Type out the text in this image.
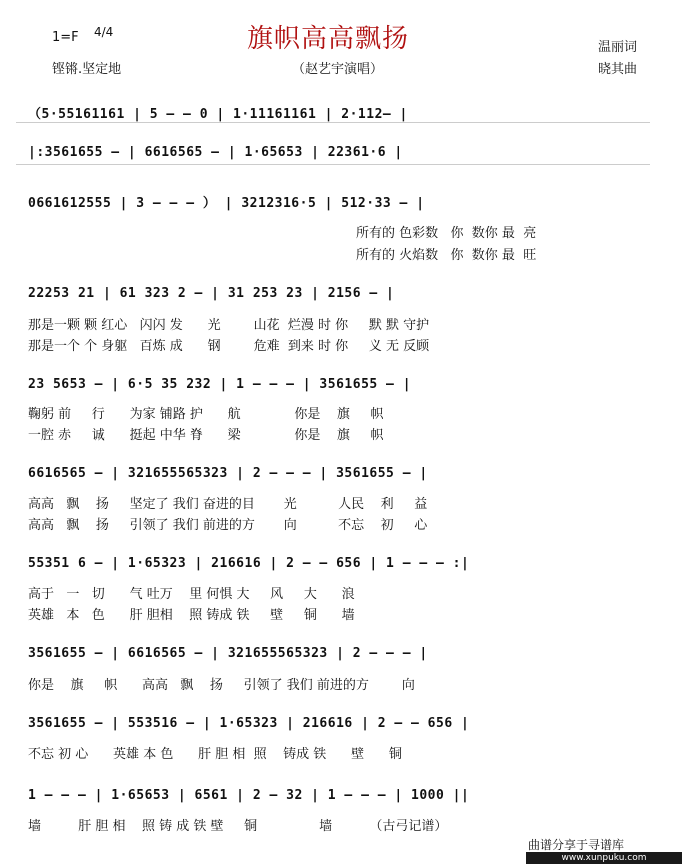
1=F 4/4	旗帜高高飘扬	温丽词
铿锵.坚定地	（赵艺宇演唱）	晓其曲
（5·55161161 | 5 – – 0 | 1·11161161 | 2·112– |
|:3561655 – | 6616565 – | 1·65653 | 22361·6 |
0661612555 | 3 – – – ） | 3212316·5 | 512·33 – |
所有的 色彩数   你  数你 最  亮
所有的 火焰数   你  数你 最  旺
22253 21 | 61 323 2 – | 31 253 23 | 2156 – |
那是一颗 颗 红心   闪闪 发      光        山花  烂漫 时 你     默 默 守护
那是一个 个 身躯   百炼 成      钢        危难  到来 时 你     义 无 反顾
23 5653 – | 6·5 35 232 | 1 – – – | 3561655 – |
鞠躬 前     行      为家 铺路 护      航             你是    旗     帜
一腔 赤     诚      挺起 中华 脊      梁             你是    旗     帜
6616565 – | 321655565323 | 2 – – – | 3561655 – |
高高   飘    扬     坚定了 我们 奋进的目       光          人民    利     益
高高   飘    扬     引领了 我们 前进的方       向          不忘    初     心
55351 6 – | 1·65323 | 216616 | 2 – – 656 | 1 – – – :|
高于   一   切      气 吐万    里 何惧 大     风     大      浪
英雄   本   色      肝 胆相    照 铸成 铁     壁     铜      墙
3561655 – | 6616565 – | 321655565323 | 2 – – – |
你是    旗     帜      高高   飘    扬     引领了 我们 前进的方        向
3561655 – | 553516 – | 1·65323 | 216616 | 2 – – 656 |
不忘 初 心      英雄 本 色      肝 胆 相  照    铸成 铁      壁      铜
1 – – – | 1·65653 | 6561 | 2 – 32 | 1 – – – | 1000 ||
墙         肝 胆 相    照 铸 成 铁 壁     铜               墙         （古弓记谱）
曲谱分享于寻谱库
www.xunpuku.com
